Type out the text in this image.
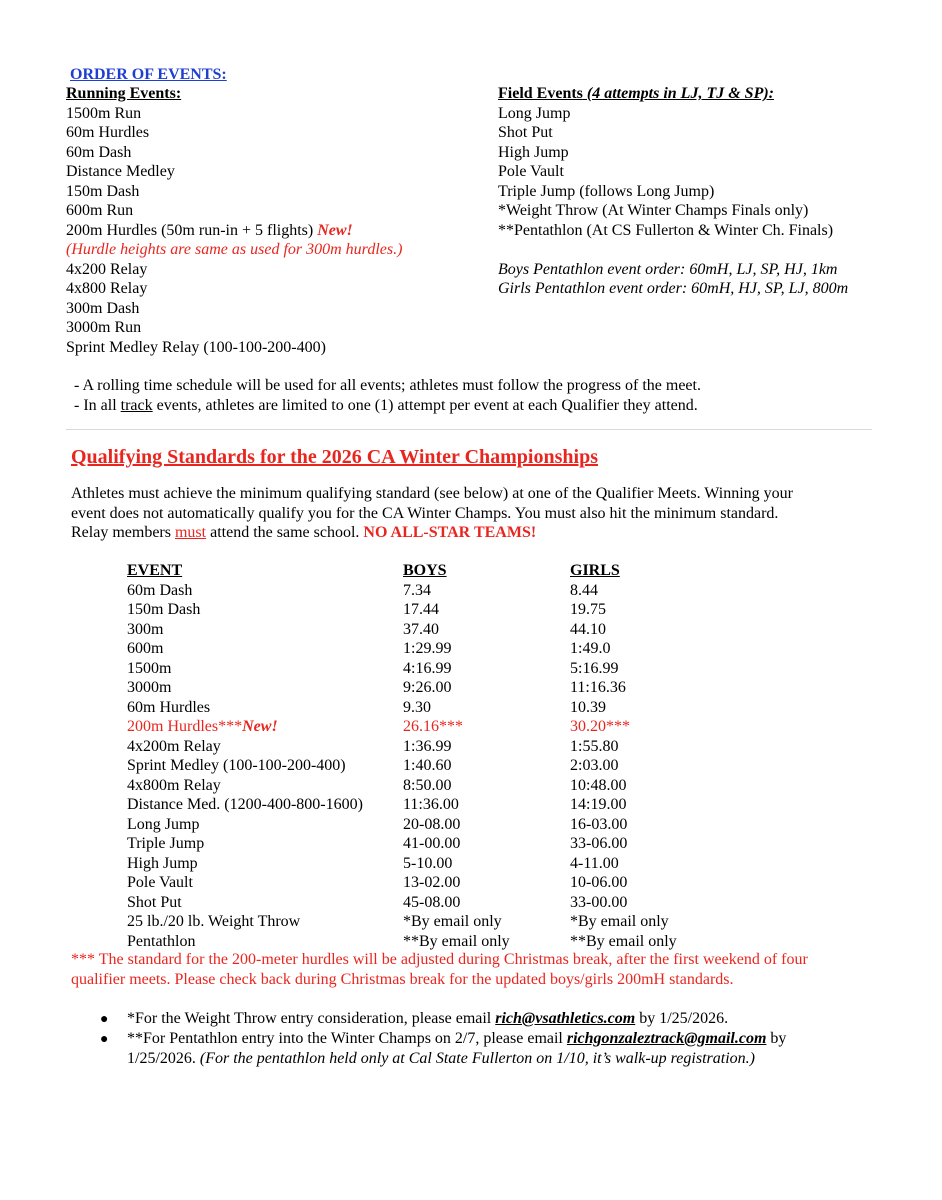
ORDER OF EVENTS:
Running Events:
1500m Run
60m Hurdles
60m Dash
Distance Medley
150m Dash
600m Run
200m Hurdles (50m run-in + 5 flights) New!
(Hurdle heights are same as used for 300m hurdles.)
4x200 Relay
4x800 Relay
300m Dash
3000m Run
Sprint Medley Relay (100-100-200-400)
Field Events (4 attempts in LJ, TJ & SP):
Long Jump
Shot Put
High Jump
Pole Vault
Triple Jump (follows Long Jump)
*Weight Throw (At Winter Champs Finals only)
**Pentathlon (At CS Fullerton & Winter Ch. Finals)
Boys Pentathlon event order: 60mH, LJ, SP, HJ, 1km
Girls Pentathlon event order: 60mH, HJ, SP, LJ, 800m
- A rolling time schedule will be used for all events; athletes must follow the progress of the meet.
- In all track events, athletes are limited to one (1) attempt per event at each Qualifier they attend.
Qualifying Standards for the 2026 CA Winter Championships
Athletes must achieve the minimum qualifying standard (see below) at one of the Qualifier Meets. Winning your
event does not automatically qualify you for the CA Winter Champs. You must also hit the minimum standard.
Relay members must attend the same school. NO ALL-STAR TEAMS!
EVENT	BOYS	GIRLS
60m Dash	7.34	8.44
150m Dash	17.44	19.75
300m	37.40	44.10
600m	1:29.99	1:49.0
1500m	4:16.99	5:16.99
3000m	9:26.00	11:16.36
60m Hurdles	9.30	10.39
200m Hurdles***New!	26.16***	30.20***
4x200m Relay	1:36.99	1:55.80
Sprint Medley (100-100-200-400)	1:40.60	2:03.00
4x800m Relay	8:50.00	10:48.00
Distance Med. (1200-400-800-1600)	11:36.00	14:19.00
Long Jump	20-08.00	16-03.00
Triple Jump	41-00.00	33-06.00
High Jump	5-10.00	4-11.00
Pole Vault	13-02.00	10-06.00
Shot Put	45-08.00	33-00.00
25 lb./20 lb. Weight Throw	*By email only	*By email only
Pentathlon	**By email only	**By email only
*** The standard for the 200-meter hurdles will be adjusted during Christmas break, after the first weekend of four
qualifier meets. Please check back during Christmas break for the updated boys/girls 200mH standards.
● *For the Weight Throw entry consideration, please email rich@vsathletics.com by 1/25/2026.
● **For Pentathlon entry into the Winter Champs on 2/7, please email richgonzaleztrack@gmail.com by
1/25/2026. (For the pentathlon held only at Cal State Fullerton on 1/10, it’s walk-up registration.)
